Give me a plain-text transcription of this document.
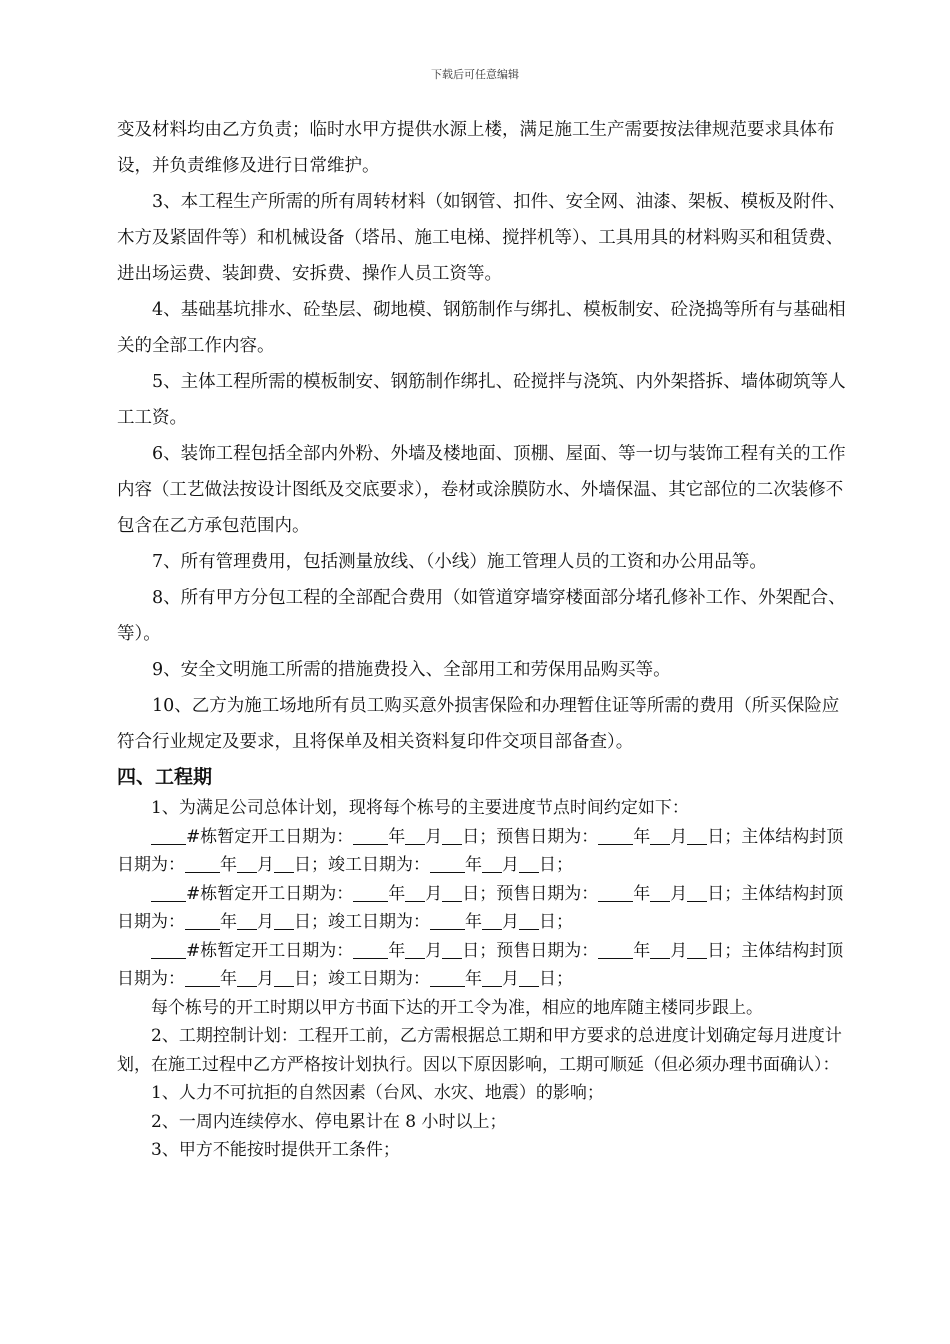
下载后可任意编辑

变及材料均由乙方负责；临时水甲方提供水源上楼，满足施工生产需要按法律规范要求具体布设，并负责维修及进行日常维护。

3、本工程生产所需的所有周转材料（如钢管、扣件、安全网、油漆、架板、模板及附件、木方及紧固件等）和机械设备（塔吊、施工电梯、搅拌机等）、工具用具的材料购买和租赁费、进出场运费、装卸费、安拆费、操作人员工资等。

4、基础基坑排水、砼垫层、砌地模、钢筋制作与绑扎、模板制安、砼浇捣等所有与基础相关的全部工作内容。

5、主体工程所需的模板制安、钢筋制作绑扎、砼搅拌与浇筑、内外架搭拆、墙体砌筑等人工工资。

6、装饰工程包括全部内外粉、外墙及楼地面、顶棚、屋面、等一切与装饰工程有关的工作内容（工艺做法按设计图纸及交底要求），卷材或涂膜防水、外墙保温、其它部位的二次装修不包含在乙方承包范围内。

7、所有管理费用，包括测量放线、（小线）施工管理人员的工资和办公用品等。

8、所有甲方分包工程的全部配合费用（如管道穿墙穿楼面部分堵孔修补工作、外架配合、等）。

9、安全文明施工所需的措施费投入、全部用工和劳保用品购买等。

10、乙方为施工场地所有员工购买意外损害保险和办理暂住证等所需的费用（所买保险应符合行业规定及要求，且将保单及相关资料复印件交项目部备查）。

四、工程期

1、为满足公司总体计划，现将每个栋号的主要进度节点时间约定如下：

#栋暂定开工日期为： 年 月 日；预售日期为： 年 月 日；主体结构封顶日期为： 年 月 日；竣工日期为： 年 月 日；

#栋暂定开工日期为： 年 月 日；预售日期为： 年 月 日；主体结构封顶日期为： 年 月 日；竣工日期为： 年 月 日；

#栋暂定开工日期为： 年 月 日；预售日期为： 年 月 日；主体结构封顶日期为： 年 月 日；竣工日期为： 年 月 日；

每个栋号的开工时期以甲方书面下达的开工令为准，相应的地库随主楼同步跟上。

2、工期控制计划：工程开工前，乙方需根据总工期和甲方要求的总进度计划确定每月进度计划，在施工过程中乙方严格按计划执行。因以下原因影响，工期可顺延（但必须办理书面确认）：

1、人力不可抗拒的自然因素（台风、水灾、地震）的影响；

2、一周内连续停水、停电累计在 8 小时以上；

3、甲方不能按时提供开工条件；
